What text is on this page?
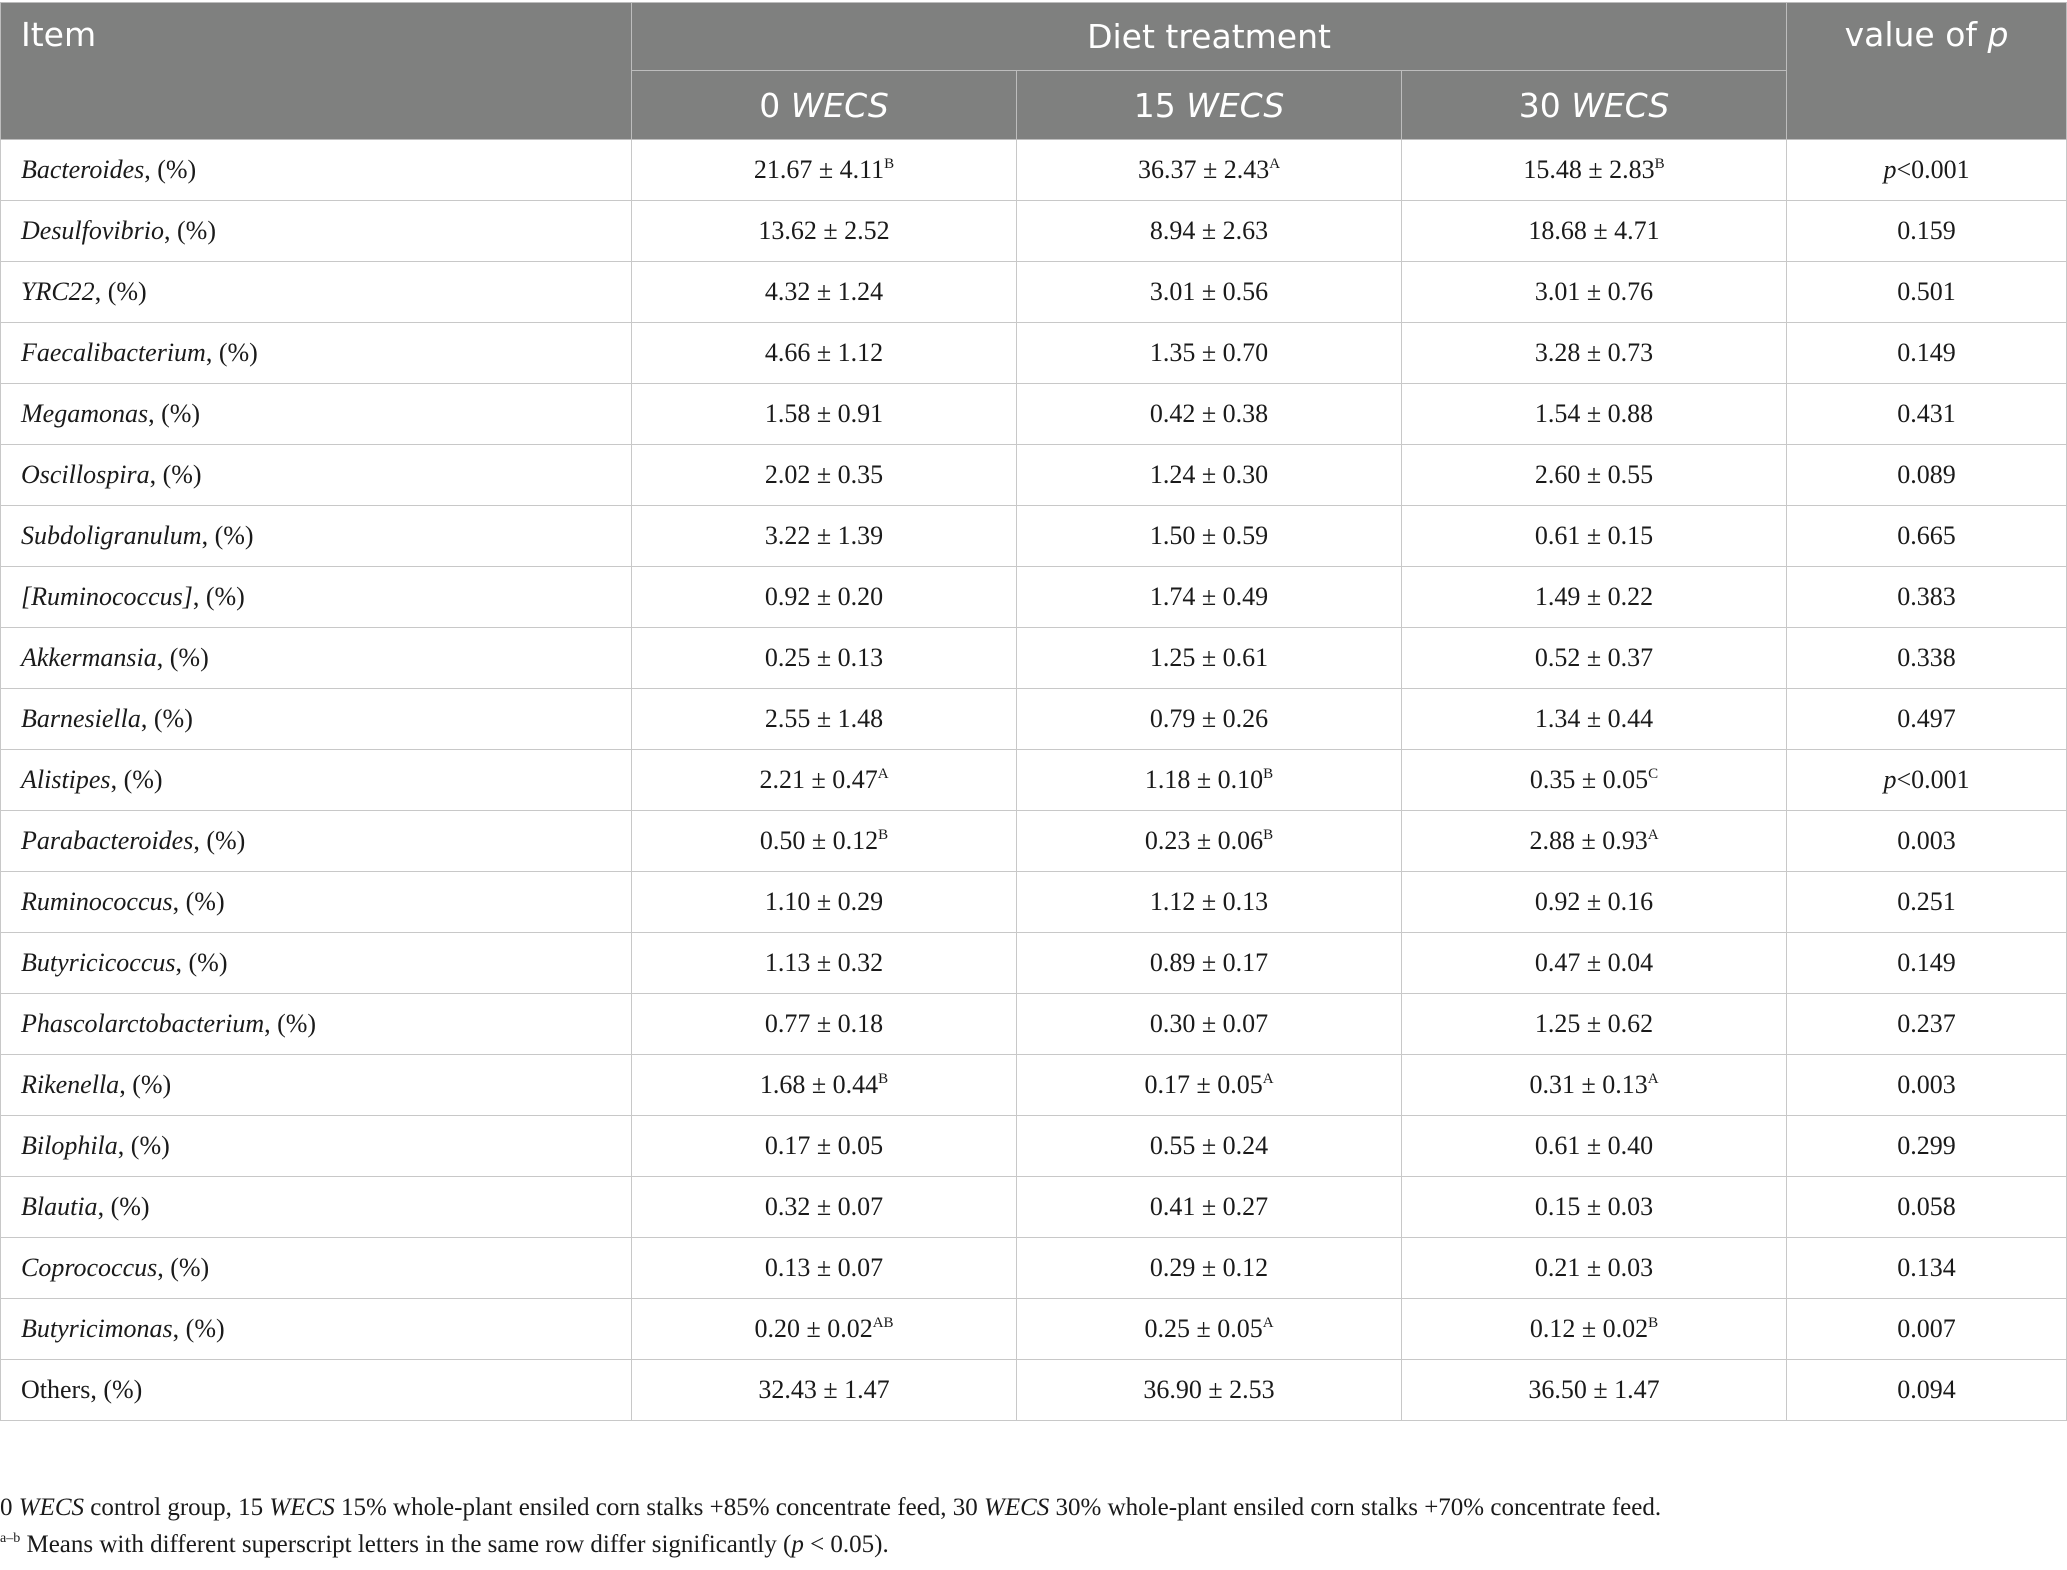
Item	Diet treatment			value of p
	0 WECS	15 WECS	30 WECS	
Bacteroides, (%)	$21.67 \pm 4.11^B$	$36.37 \pm 2.43^A$	$15.48 \pm 2.83^B$	p<0.001
Desulfovibrio, (%)	13.62 ± 2.52	8.94 ± 2.63	18.68 ± 4.71	0.159
YRC22, (%)	4.32 ± 1.24	3.01 ± 0.56	3.01 ± 0.76	0.501
Faecalibacterium, (%)	4.66 ± 1.12	1.35 ± 0.70	3.28 ± 0.73	0.149
Megamonas, (%)	1.58 ± 0.91	0.42 ± 0.38	1.54 ± 0.88	0.431
Oscillospira, (%)	2.02 ± 0.35	1.24 ± 0.30	2.60 ± 0.55	0.089
Subdoligranulum, (%)	3.22 ± 1.39	1.50 ± 0.59	0.61 ± 0.15	0.665
[Ruminococcus], (%)	0.92 ± 0.20	1.74 ± 0.49	1.49 ± 0.22	0.383
Akkermansia, (%)	0.25 ± 0.13	1.25 ± 0.61	0.52 ± 0.37	0.338
Barnesiella, (%)	2.55 ± 1.48	0.79 ± 0.26	1.34 ± 0.44	0.497
Alistipes, (%)	$2.21 \pm 0.47^A$	$1.18 \pm 0.10^B$	$0.35 \pm 0.05^C$	p<0.001
Parabacteroides, (%)	$0.50 \pm 0.12^B$	$0.23 \pm 0.06^B$	$2.88 \pm 0.93^A$	0.003
Ruminococcus, (%)	1.10 ± 0.29	1.12 ± 0.13	0.92 ± 0.16	0.251
Butyricicoccus, (%)	1.13 ± 0.32	0.89 ± 0.17	0.47 ± 0.04	0.149
Phascolarctobacterium, (%)	0.77 ± 0.18	0.30 ± 0.07	1.25 ± 0.62	0.237
Rikenella, (%)	$1.68 \pm 0.44^B$	$0.17 \pm 0.05^A$	$0.31 \pm 0.13^A$	0.003
Bilophila, (%)	0.17 ± 0.05	0.55 ± 0.24	0.61 ± 0.40	0.299
Blautia, (%)	0.32 ± 0.07	0.41 ± 0.27	0.15 ± 0.03	0.058
Coprococcus, (%)	0.13 ± 0.07	0.29 ± 0.12	0.21 ± 0.03	0.134
Butyricimonas, (%)	$0.20 \pm 0.02^{AB}$	$0.25 \pm 0.05^A$	$0.12 \pm 0.02^B$	0.007
Others, (%)	32.43 ± 1.47	36.90 ± 2.53	36.50 ± 1.47	0.094
0 WECS control group, 15 WECS 15% whole-plant ensiled corn stalks +85% concentrate feed, 30 WECS 30% whole-plant ensiled corn stalks +70% concentrate feed.
$^{a-b}$ Means with different superscript letters in the same row differ significantly (p < 0.05).
